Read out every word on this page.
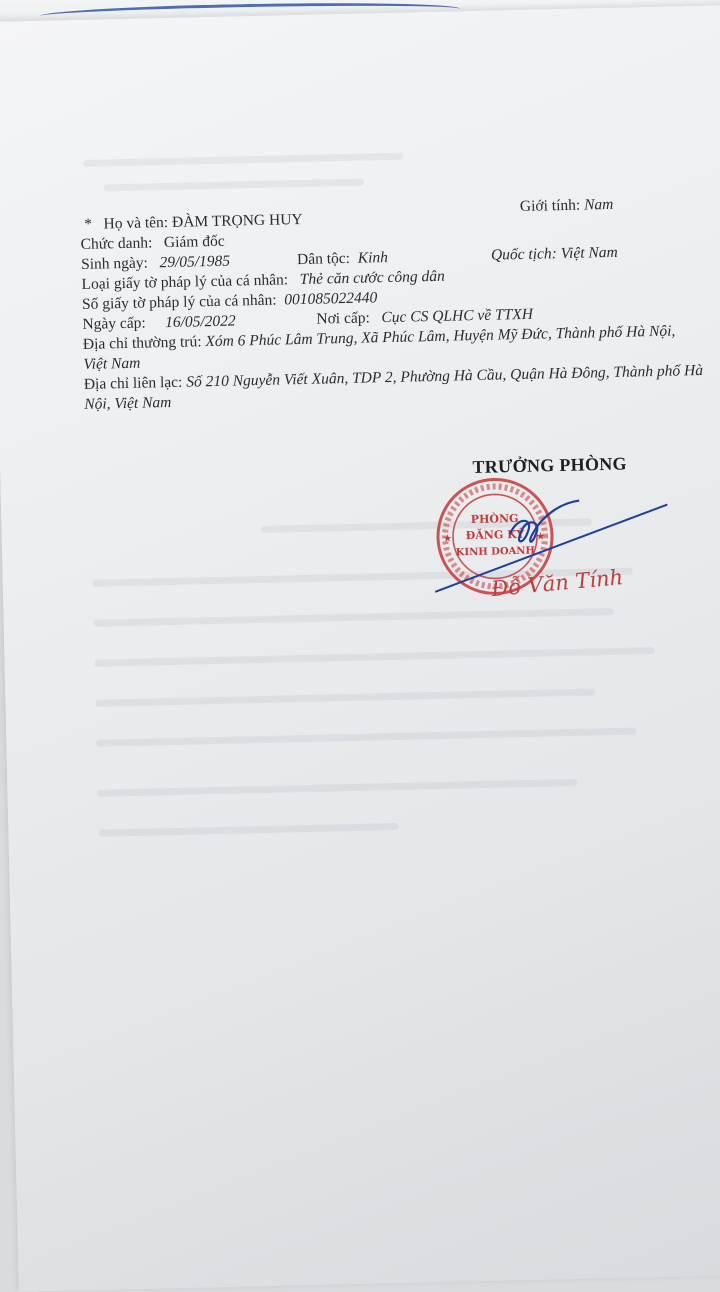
*   Họ và tên: ĐÀM TRỌNG HUY
Giới tính: Nam
Chức danh: Giám đốc
Sinh ngày: 29/05/1985	Dân tộc: Kinh	Quốc tịch: Việt Nam
Loại giấy tờ pháp lý của cá nhân: Thẻ căn cước công dân
Số giấy tờ pháp lý của cá nhân: 001085022440
Ngày cấp: 16/05/2022	Nơi cấp: Cục CS QLHC về TTXH
Địa chỉ thường trú: Xóm 6 Phúc Lâm Trung, Xã Phúc Lâm, Huyện Mỹ Đức, Thành phố Hà Nội, Việt Nam
Địa chỉ liên lạc: Số 210 Nguyễn Viết Xuân, TDP 2, Phường Hà Cầu, Quận Hà Đông, Thành phố Hà Nội, Việt Nam
TRƯỞNG PHÒNG
★	★
PHÒNG
ĐĂNG KÝ
KINH DOANH
Đỗ Văn Tính
